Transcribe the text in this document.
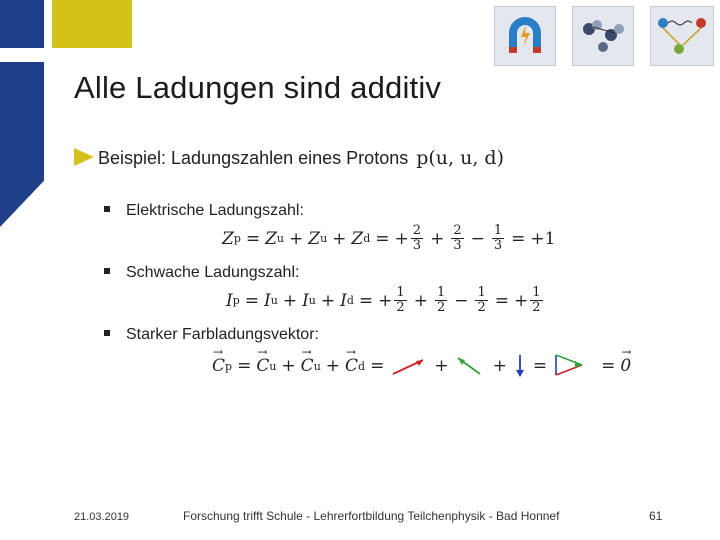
Alle Ladungen sind additiv
Beispiel: Ladungszahlen eines Protons p(u, u, d)
Elektrische Ladungszahl:
Z p = Z u + Z u + Z d = + $\frac{2}{3} + \frac{2}{3} - \frac{1}{3} = +1$
Schwache Ladungszahl:
I p = I u + I u + I d = + $\frac{1}{2} + \frac{1}{2} - \frac{1}{2}$ = + $\frac{1}{2}$
Starker Farbladungsvektor:
→ C p = → C u + → C u + → C d =	+	+ =	= → 0
21.03.2019	Forschung trifft Schule - Lehrerfortbildung Teilchenphysik - Bad Honnef	61
